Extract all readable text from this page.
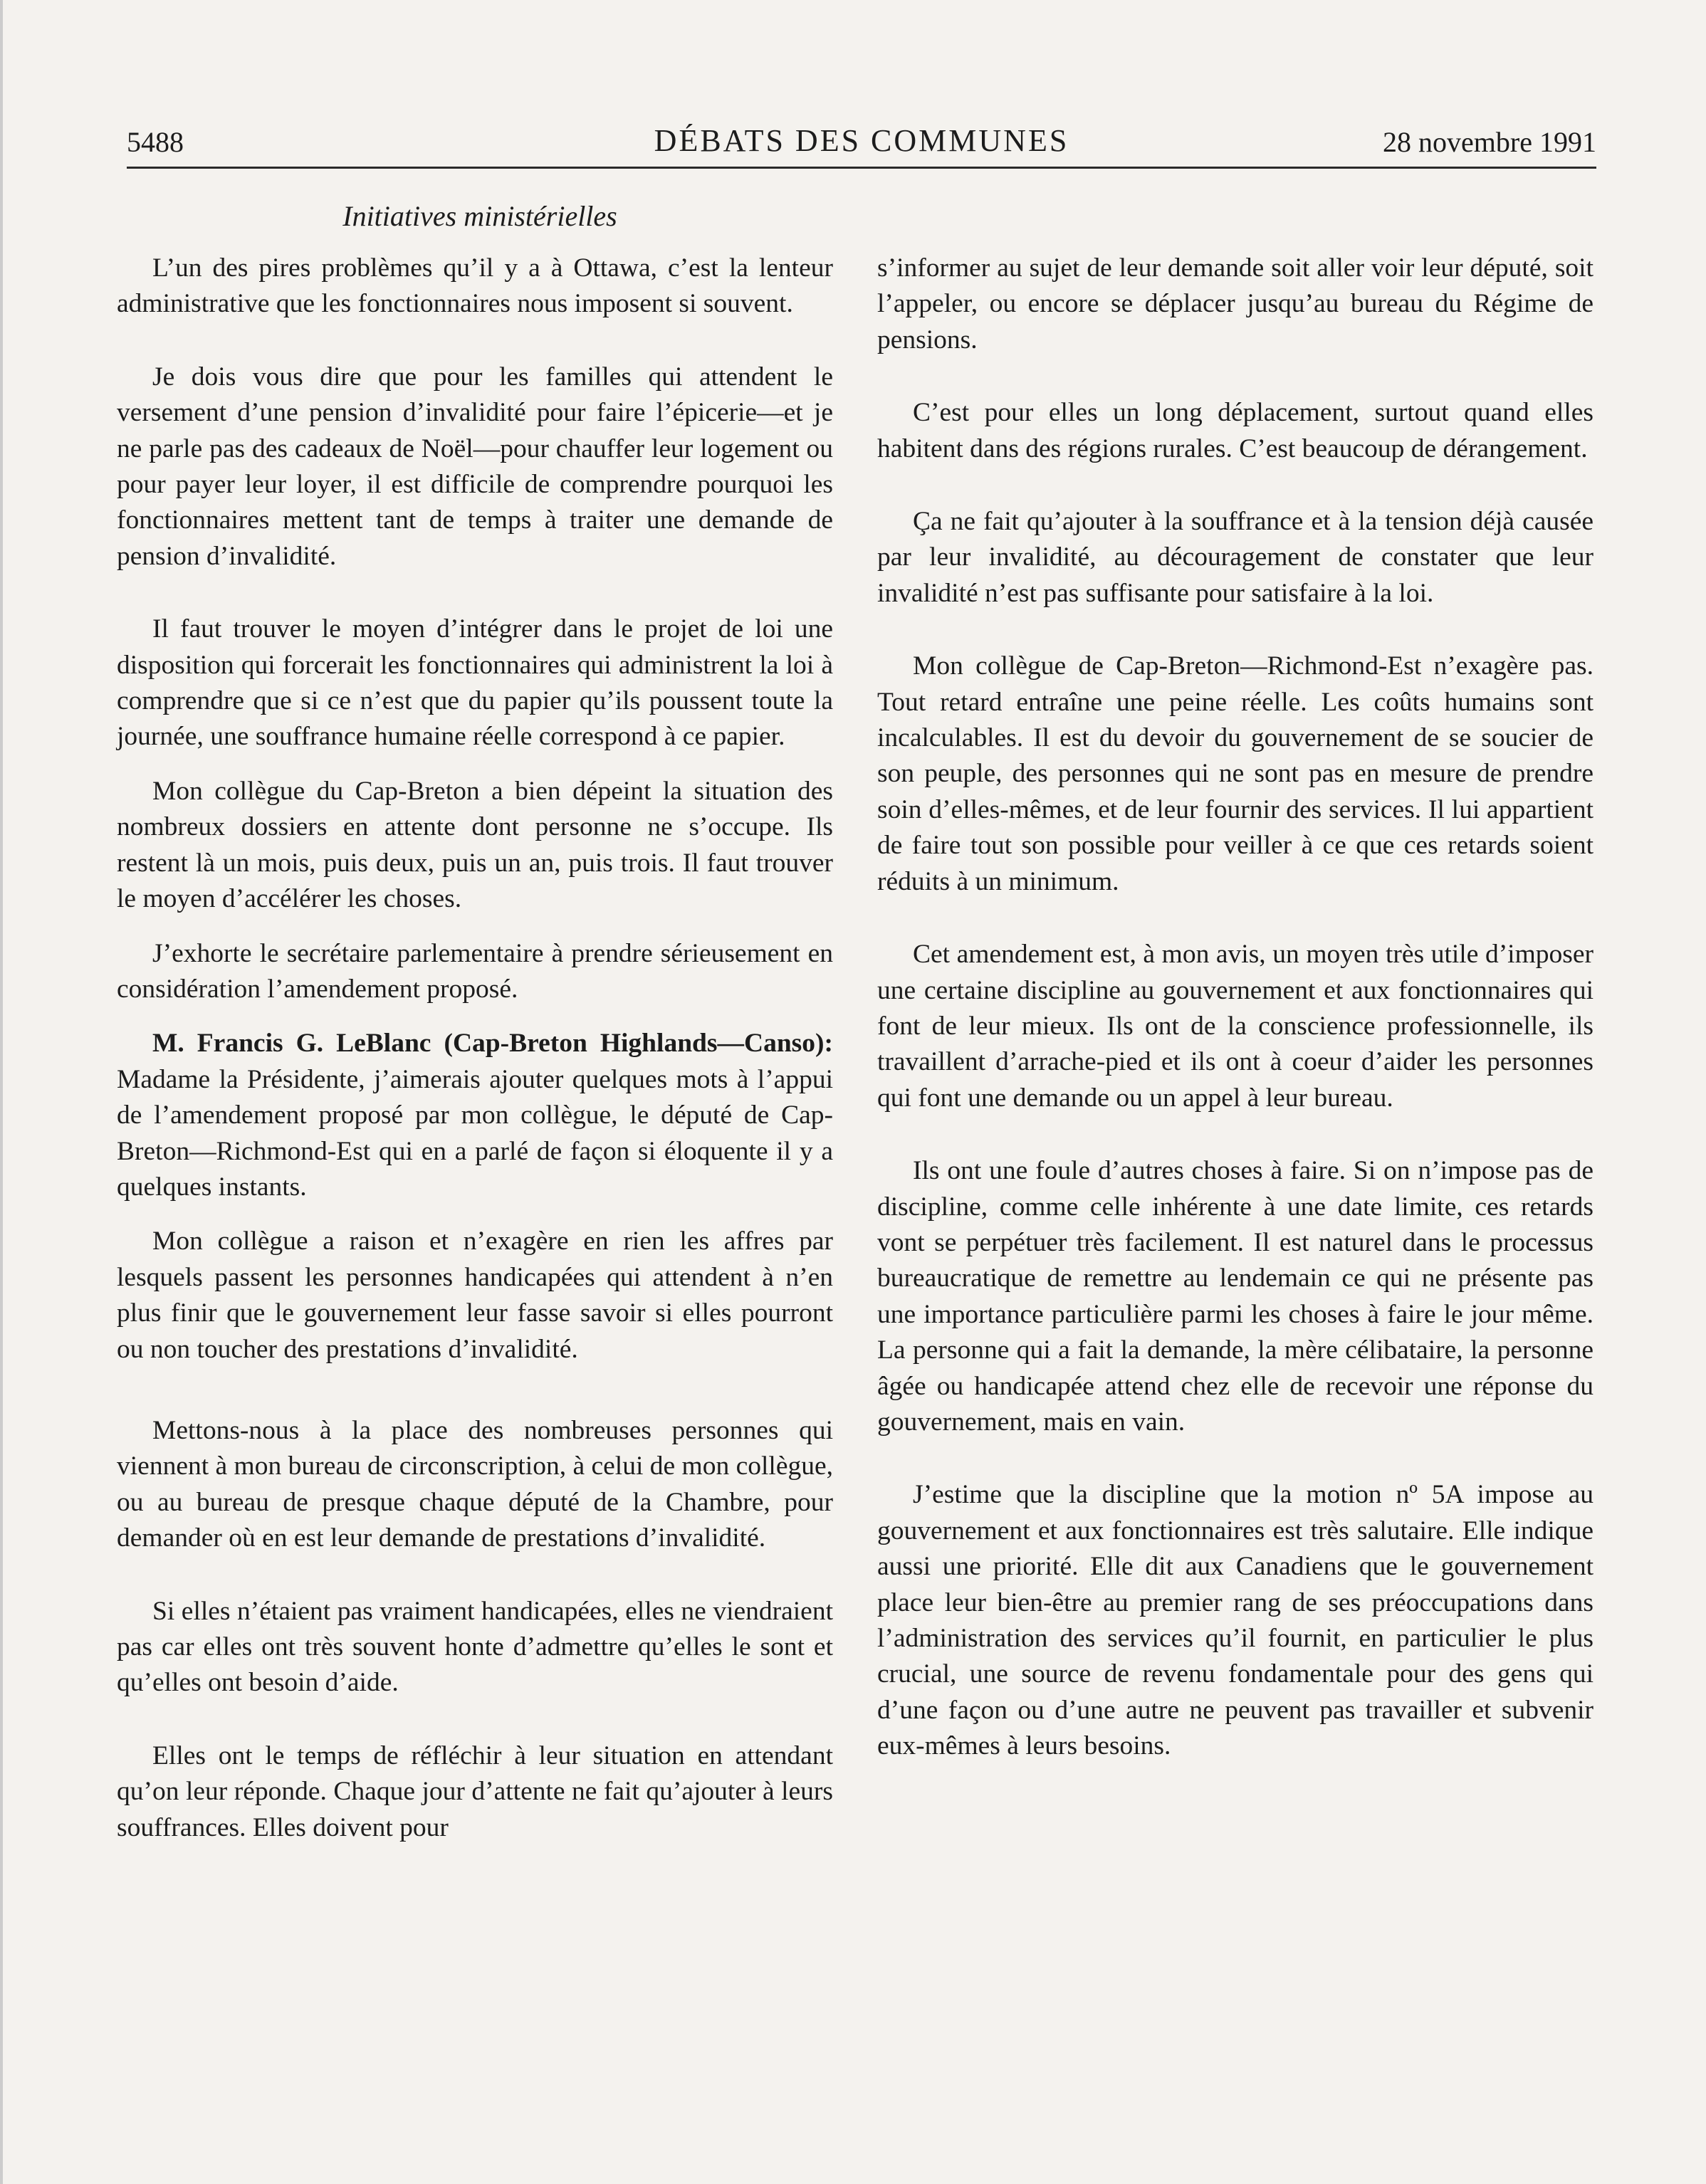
5488	DÉBATS DES COMMUNES	28 novembre 1991
Initiatives ministérielles

L’un des pires problèmes qu’il y a à Ottawa, c’est la lenteur administrative que les fonctionnaires nous imposent si souvent.

Je dois vous dire que pour les familles qui attendent le versement d’une pension d’invalidité pour faire l’épicerie—et je ne parle pas des cadeaux de Noël—pour chauffer leur logement ou pour payer leur loyer, il est difficile de comprendre pourquoi les fonctionnaires mettent tant de temps à traiter une demande de pension d’invalidité.

Il faut trouver le moyen d’intégrer dans le projet de loi une disposition qui forcerait les fonctionnaires qui administrent la loi à comprendre que si ce n’est que du papier qu’ils poussent toute la journée, une souffrance humaine réelle correspond à ce papier.

Mon collègue du Cap-Breton a bien dépeint la situation des nombreux dossiers en attente dont personne ne s’occupe. Ils restent là un mois, puis deux, puis un an, puis trois. Il faut trouver le moyen d’accélérer les choses.

J’exhorte le secrétaire parlementaire à prendre sérieusement en considération l’amendement proposé.

M. Francis G. LeBlanc (Cap-Breton Highlands—Canso): Madame la Présidente, j’aimerais ajouter quelques mots à l’appui de l’amendement proposé par mon collègue, le député de Cap-Breton—Richmond-Est qui en a parlé de façon si éloquente il y a quelques instants.

Mon collègue a raison et n’exagère en rien les affres par lesquels passent les personnes handicapées qui attendent à n’en plus finir que le gouvernement leur fasse savoir si elles pourront ou non toucher des prestations d’invalidité.

Mettons-nous à la place des nombreuses personnes qui viennent à mon bureau de circonscription, à celui de mon collègue, ou au bureau de presque chaque député de la Chambre, pour demander où en est leur demande de prestations d’invalidité.

Si elles n’étaient pas vraiment handicapées, elles ne viendraient pas car elles ont très souvent honte d’admettre qu’elles le sont et qu’elles ont besoin d’aide.

Elles ont le temps de réfléchir à leur situation en attendant qu’on leur réponde. Chaque jour d’attente ne fait qu’ajouter à leurs souffrances. Elles doivent pour

s’informer au sujet de leur demande soit aller voir leur député, soit l’appeler, ou encore se déplacer jusqu’au bureau du Régime de pensions.

C’est pour elles un long déplacement, surtout quand elles habitent dans des régions rurales. C’est beaucoup de dérangement.

Ça ne fait qu’ajouter à la souffrance et à la tension déjà causée par leur invalidité, au découragement de constater que leur invalidité n’est pas suffisante pour satisfaire à la loi.

Mon collègue de Cap-Breton—Richmond-Est n’exagère pas. Tout retard entraîne une peine réelle. Les coûts humains sont incalculables. Il est du devoir du gouvernement de se soucier de son peuple, des personnes qui ne sont pas en mesure de prendre soin d’elles-mêmes, et de leur fournir des services. Il lui appartient de faire tout son possible pour veiller à ce que ces retards soient réduits à un minimum.

Cet amendement est, à mon avis, un moyen très utile d’imposer une certaine discipline au gouvernement et aux fonctionnaires qui font de leur mieux. Ils ont de la conscience professionnelle, ils travaillent d’arrache-pied et ils ont à coeur d’aider les personnes qui font une demande ou un appel à leur bureau.

Ils ont une foule d’autres choses à faire. Si on n’impose pas de discipline, comme celle inhérente à une date limite, ces retards vont se perpétuer très facilement. Il est naturel dans le processus bureaucratique de remettre au lendemain ce qui ne présente pas une importance particulière parmi les choses à faire le jour même. La personne qui a fait la demande, la mère célibataire, la personne âgée ou handicapée attend chez elle de recevoir une réponse du gouvernement, mais en vain.

J’estime que la discipline que la motion nº 5A impose au gouvernement et aux fonctionnaires est très salutaire. Elle indique aussi une priorité. Elle dit aux Canadiens que le gouvernement place leur bien-être au premier rang de ses préoccupations dans l’administration des services qu’il fournit, en particulier le plus crucial, une source de revenu fondamentale pour des gens qui d’une façon ou d’une autre ne peuvent pas travailler et subvenir eux-mêmes à leurs besoins.
